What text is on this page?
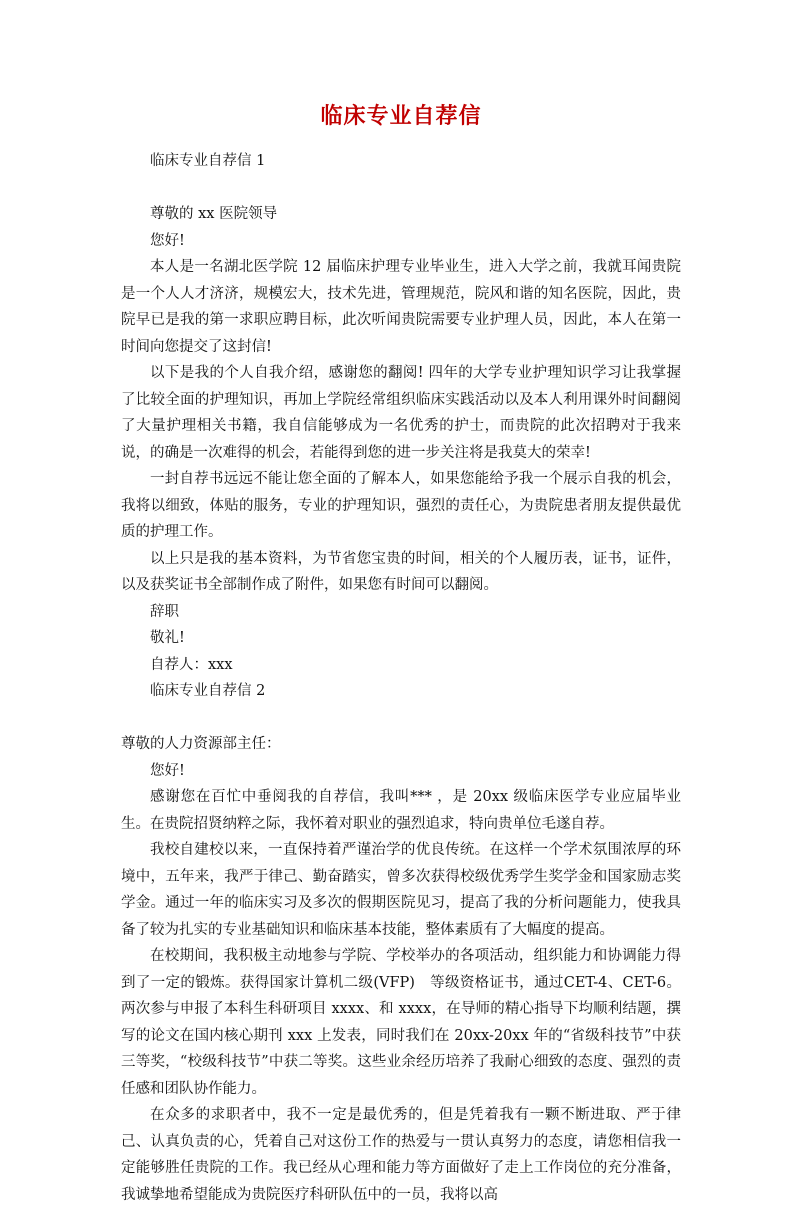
临床专业自荐信

临床专业自荐信 1

尊敬的 xx 医院领导

您好!

本人是一名湖北医学院 12 届临床护理专业毕业生，进入大学之前，我就耳闻贵院是一个人人才济济，规模宏大，技术先进，管理规范，院风和谐的知名医院，因此，贵院早已是我的第一求职应聘目标，此次听闻贵院需要专业护理人员，因此，本人在第一时间向您提交了这封信!

以下是我的个人自我介绍，感谢您的翻阅! 四年的大学专业护理知识学习让我掌握了比较全面的护理知识，再加上学院经常组织临床实践活动以及本人利用课外时间翻阅了大量护理相关书籍，我自信能够成为一名优秀的护士，而贵院的此次招聘对于我来说，的确是一次难得的机会，若能得到您的进一步关注将是我莫大的荣幸!

一封自荐书远远不能让您全面的了解本人，如果您能给予我一个展示自我的机会，我将以细致，体贴的服务，专业的护理知识，强烈的责任心，为贵院患者朋友提供最优质的护理工作。

以上只是我的基本资料，为节省您宝贵的时间，相关的个人履历表，证书，证件，以及获奖证书全部制作成了附件，如果您有时间可以翻阅。

辞职

敬礼!

自荐人：xxx

临床专业自荐信 2

尊敬的人力资源部主任：

您好!

感谢您在百忙中垂阅我的自荐信，我叫*** ，是 20xx 级临床医学专业应届毕业生。在贵院招贤纳粹之际，我怀着对职业的强烈追求，特向贵单位毛遂自荐。

我校自建校以来，一直保持着严谨治学的优良传统。在这样一个学术氛围浓厚的环境中，五年来，我严于律己、勤奋踏实，曾多次获得校级优秀学生奖学金和国家励志奖学金。通过一年的临床实习及多次的假期医院见习，提高了我的分析问题能力，使我具备了较为扎实的专业基础知识和临床基本技能，整体素质有了大幅度的提高。

在校期间，我积极主动地参与学院、学校举办的各项活动，组织能力和协调能力得到了一定的锻炼。获得国家计算机二级(VFP)　等级资格证书，通过CET-4、CET-6。两次参与申报了本科生科研项目 xxxx、和 xxxx，在导师的精心指导下均顺利结题，撰写的论文在国内核心期刊 xxx 上发表，同时我们在 20xx-20xx 年的“省级科技节”中获三等奖，“校级科技节”中获二等奖。这些业余经历培养了我耐心细致的态度、强烈的责任感和团队协作能力。

在众多的求职者中，我不一定是最优秀的，但是凭着我有一颗不断进取、严于律己、认真负责的心，凭着自己对这份工作的热爱与一贯认真努力的态度，请您相信我一定能够胜任贵院的工作。我已经从心理和能力等方面做好了走上工作岗位的充分准备，我诚挚地希望能成为贵院医疗科研队伍中的一员，我将以高
